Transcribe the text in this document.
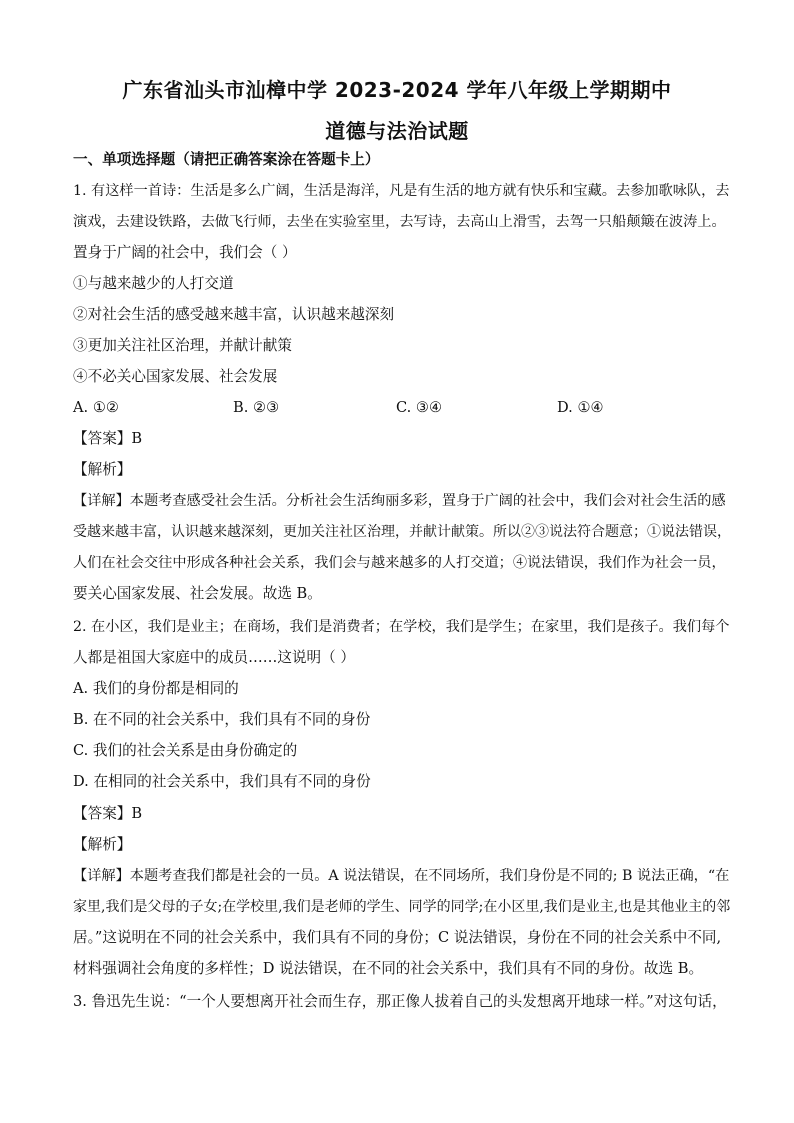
广东省汕头市汕樟中学 2023-2024 学年八年级上学期期中
道德与法治试题
一、单项选择题（请把正确答案涂在答题卡上）
1. 有这样一首诗：生活是多么广阔，生活是海洋，凡是有生活的地方就有快乐和宝藏。去参加歌咏队，去
演戏，去建设铁路，去做飞行师，去坐在实验室里，去写诗，去高山上滑雪，去驾一只船颠簸在波涛上。
置身于广阔的社会中，我们会（ ）
①与越来越少的人打交道
②对社会生活的感受越来越丰富，认识越来越深刻
③更加关注社区治理，并献计献策
④不必关心国家发展、社会发展
A. ①②	B. ②③	C. ③④	D. ①④
【答案】B
【解析】
【详解】本题考查感受社会生活。分析社会生活绚丽多彩，置身于广阔的社会中，我们会对社会生活的感
受越来越丰富，认识越来越深刻，更加关注社区治理，并献计献策。所以②③说法符合题意；①说法错误，
人们在社会交往中形成各种社会关系，我们会与越来越多的人打交道；④说法错误，我们作为社会一员，
要关心国家发展、社会发展。故选 B。
2. 在小区，我们是业主；在商场，我们是消费者；在学校，我们是学生；在家里，我们是孩子。我们每个
人都是祖国大家庭中的成员……这说明（ ）
A. 我们的身份都是相同的
B. 在不同的社会关系中，我们具有不同的身份
C. 我们的社会关系是由身份确定的
D. 在相同的社会关系中，我们具有不同的身份
【答案】B
【解析】
【详解】本题考查我们都是社会的一员。A 说法错误，在不同场所，我们身份是不同的; B 说法正确，“在
家里,我们是父母的子女;在学校里,我们是老师的学生、同学的同学;在小区里,我们是业主,也是其他业主的邻
居。”这说明在不同的社会关系中，我们具有不同的身份；C 说法错误，身份在不同的社会关系中不同,
材料强调社会角度的多样性；D 说法错误，在不同的社会关系中，我们具有不同的身份。故选 B。
3. 鲁迅先生说：“一个人要想离开社会而生存，那正像人拔着自己的头发想离开地球一样。”对这句话，
